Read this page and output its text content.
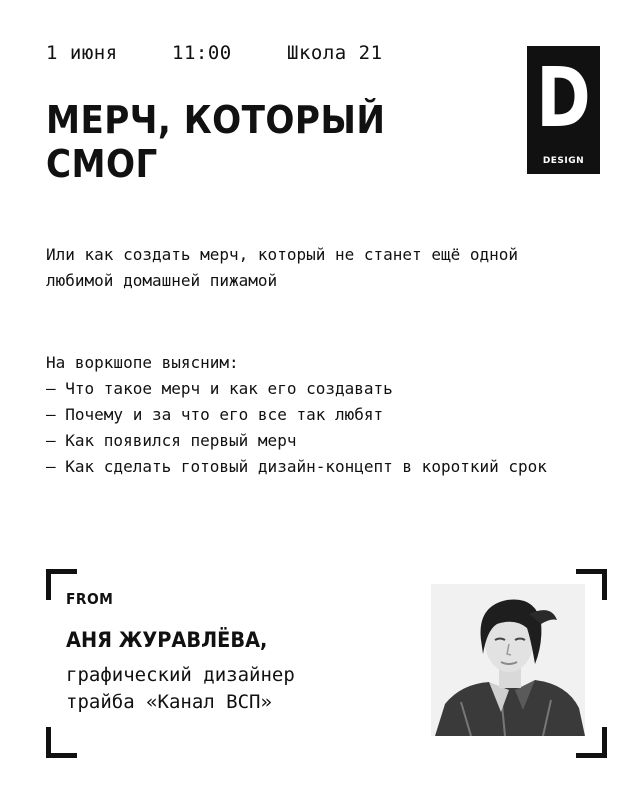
1 июня	11:00	Школа 21
МЕРЧ, КОТОРЫЙ
СМОГ
D
DESIGN
Или как создать мерч, который не станет ещё одной любимой домашней пижамой
На воркшопе выясним:
– Что такое мерч и как его создавать
– Почему и за что его все так любят
– Как появился первый мерч
– Как сделать готовый дизайн-концепт в короткий срок
FROM
АНЯ ЖУРАВЛЁВА,
графический дизайнер
трайба «Канал ВСП»
